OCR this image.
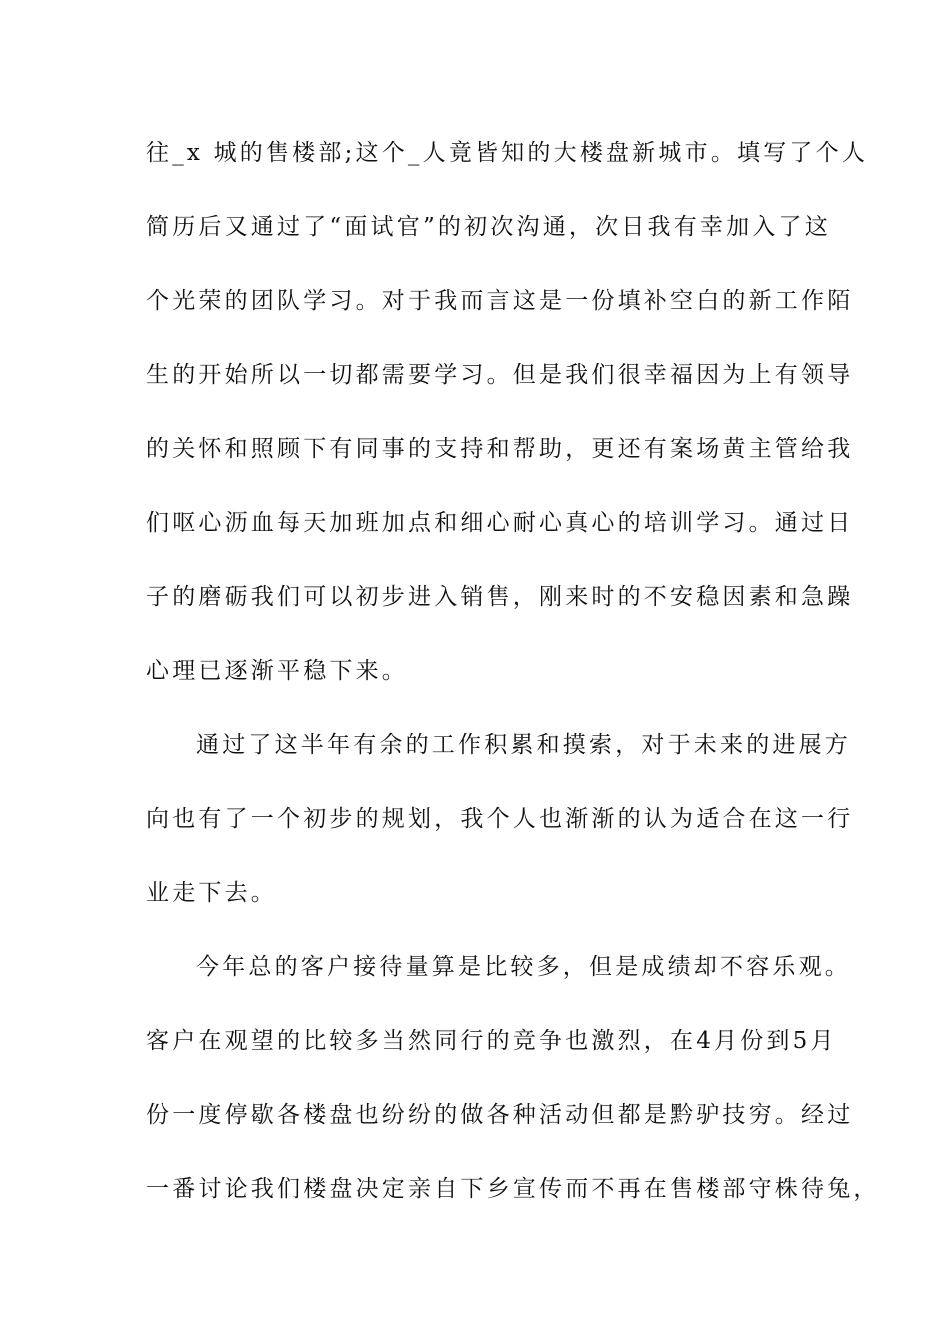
往_x 城的售楼部;这个_人竟皆知的大楼盘新城市。填写了个人
简历后又通过了“面试官”的初次沟通，次日我有幸加入了这
个光荣的团队学习。对于我而言这是一份填补空白的新工作陌
生的开始所以一切都需要学习。但是我们很幸福因为上有领导
的关怀和照顾下有同事的支持和帮助，更还有案场黄主管给我
们呕心沥血每天加班加点和细心耐心真心的培训学习。通过日
子的磨砺我们可以初步进入销售，刚来时的不安稳因素和急躁
心理已逐渐平稳下来。
通过了这半年有余的工作积累和摸索，对于未来的进展方
向也有了一个初步的规划，我个人也渐渐的认为适合在这一行
业走下去。
今年总的客户接待量算是比较多，但是成绩却不容乐观。
客户在观望的比较多当然同行的竞争也激烈，在4月份到5月
份一度停歇各楼盘也纷纷的做各种活动但都是黔驴技穷。经过
一番讨论我们楼盘决定亲自下乡宣传而不再在售楼部守株待兔，
